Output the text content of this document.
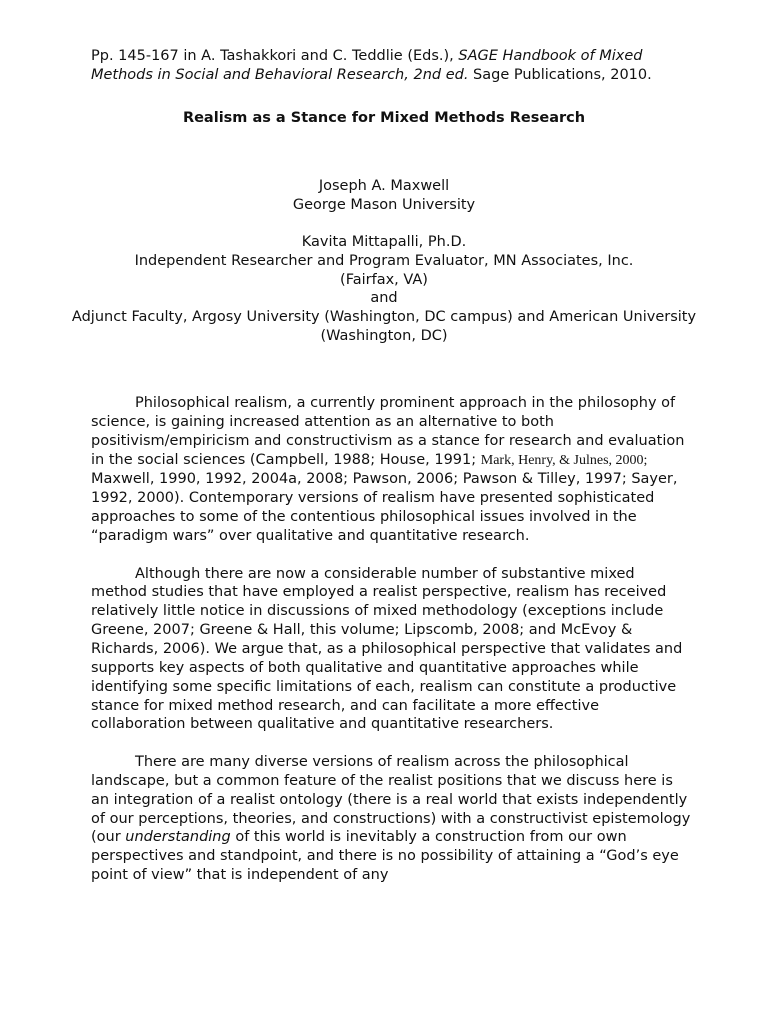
Pp. 145-167 in A. Tashakkori and C. Teddlie (Eds.), SAGE Handbook of Mixed Methods in Social and Behavioral Research, 2nd ed. Sage Publications, 2010.

Realism as a Stance for Mixed Methods Research

Joseph A. Maxwell

George Mason University

Kavita Mittapalli, Ph.D.

Independent Researcher and Program Evaluator, MN Associates, Inc.

(Fairfax, VA)

and

Adjunct Faculty, Argosy University (Washington, DC campus) and American University (Washington, DC)

Philosophical realism, a currently prominent approach in the philosophy of science, is gaining increased attention as an alternative to both positivism/empiricism and constructivism as a stance for research and evaluation in the social sciences (Campbell, 1988; House, 1991; Mark, Henry, & Julnes, 2000; Maxwell, 1990, 1992, 2004a, 2008; Pawson, 2006; Pawson & Tilley, 1997; Sayer, 1992, 2000). Contemporary versions of realism have presented sophisticated approaches to some of the contentious philosophical issues involved in the “paradigm wars” over qualitative and quantitative research.

Although there are now a considerable number of substantive mixed method studies that have employed a realist perspective, realism has received relatively little notice in discussions of mixed methodology (exceptions include Greene, 2007; Greene & Hall, this volume; Lipscomb, 2008; and McEvoy & Richards, 2006). We argue that, as a philosophical perspective that validates and supports key aspects of both qualitative and quantitative approaches while identifying some specific limitations of each, realism can constitute a productive stance for mixed method research, and can facilitate a more effective collaboration between qualitative and quantitative researchers.

There are many diverse versions of realism across the philosophical landscape, but a common feature of the realist positions that we discuss here is an integration of a realist ontology (there is a real world that exists independently of our perceptions, theories, and constructions) with a constructivist epistemology (our understanding of this world is inevitably a construction from our own perspectives and standpoint, and there is no possibility of attaining a “God’s eye point of view” that is independent of any
